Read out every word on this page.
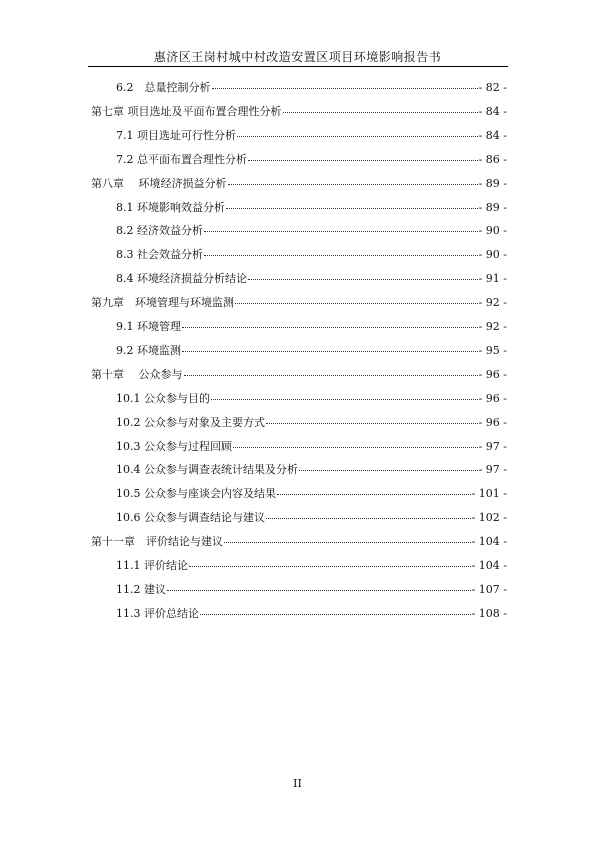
惠济区王岗村城中村改造安置区项目环境影响报告书
6.2　总量控制分析	- 82 -
第七章 项目选址及平面布置合理性分析	- 84 -
7.1 项目选址可行性分析	- 84 -
7.2 总平面布置合理性分析	- 86 -
第八章　 环境经济损益分析	- 89 -
8.1 环境影响效益分析	- 89 -
8.2 经济效益分析	- 90 -
8.3 社会效益分析	- 90 -
8.4 环境经济损益分析结论	- 91 -
第九章　环境管理与环境监测	- 92 -
9.1 环境管理	- 92 -
9.2 环境监测	- 95 -
第十章　 公众参与	- 96 -
10.1 公众参与目的	- 96 -
10.2 公众参与对象及主要方式	- 96 -
10.3 公众参与过程回顾	- 97 -
10.4 公众参与调查表统计结果及分析	- 97 -
10.5 公众参与座谈会内容及结果	- 101 -
10.6 公众参与调查结论与建议	- 102 -
第十一章　评价结论与建议	- 104 -
11.1 评价结论	- 104 -
11.2 建议	- 107 -
11.3 评价总结论	- 108 -
II
